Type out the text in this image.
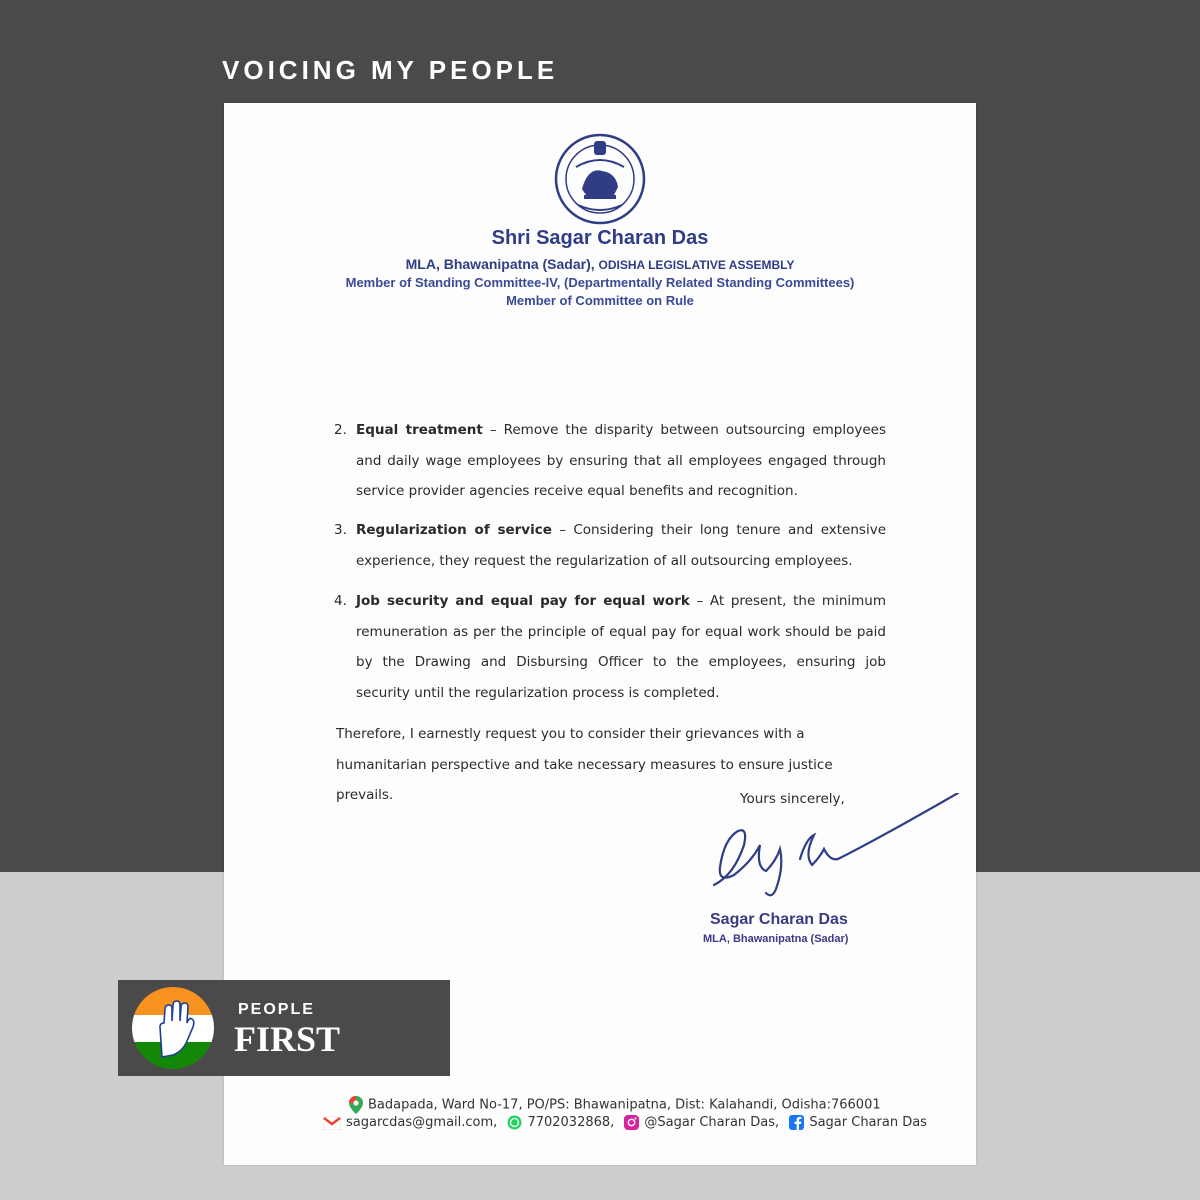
VOICING MY PEOPLE
Shri Sagar Charan Das
MLA, Bhawanipatna (Sadar), ODISHA LEGISLATIVE ASSEMBLY
Member of Standing Committee-IV, (Departmentally Related Standing Committees)
Member of Committee on Rule
2. Equal treatment – Remove the disparity between outsourcing employees and daily wage employees by ensuring that all employees engaged through service provider agencies receive equal benefits and recognition.
3. Regularization of service – Considering their long tenure and extensive experience, they request the regularization of all outsourcing employees.
4. Job security and equal pay for equal work – At present, the minimum remuneration as per the principle of equal pay for equal work should be paid by the Drawing and Disbursing Officer to the employees, ensuring job security until the regularization process is completed.
Therefore, I earnestly request you to consider their grievances with a humanitarian perspective and take necessary measures to ensure justice prevails.	Yours sincerely,
Sagar Charan Das
MLA, Bhawanipatna (Sadar)
Badapada, Ward No-17, PO/PS: Bhawanipatna, Dist: Kalahandi, Odisha:766001
sagarcdas@gmail.com, 7702032868, @Sagar Charan Das, Sagar Charan Das
PEOPLE
FIRST
